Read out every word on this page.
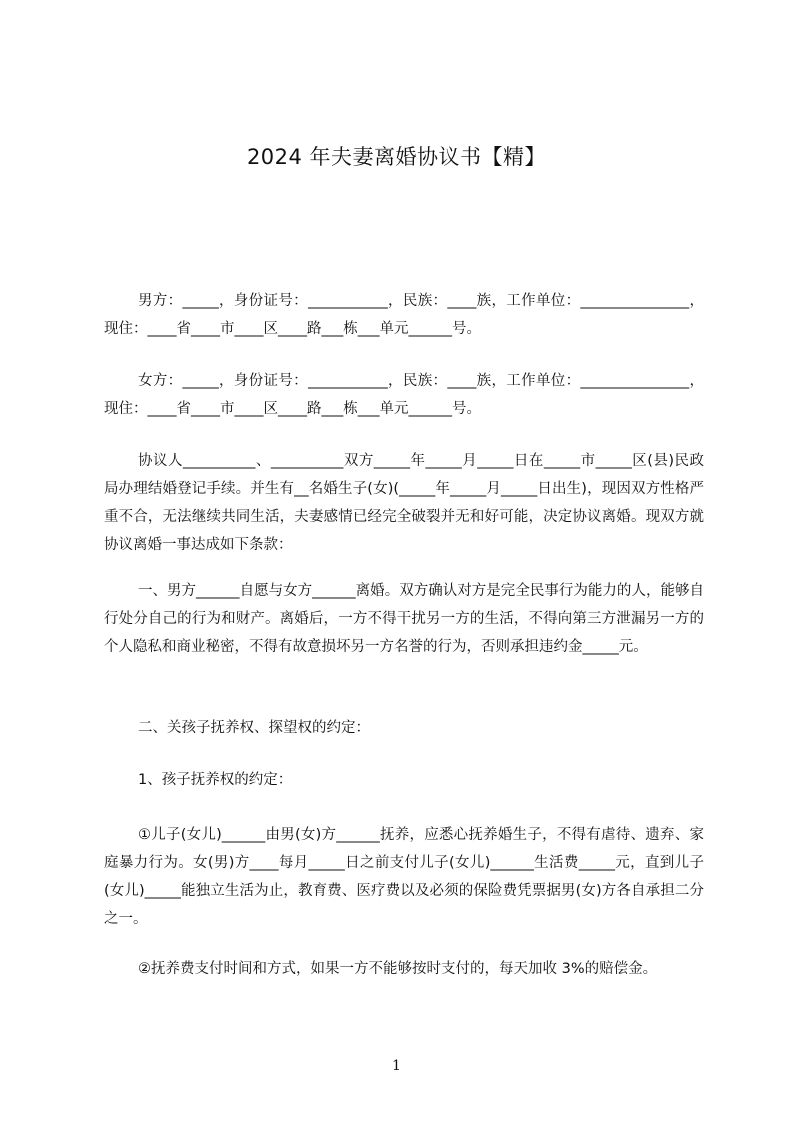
2024 年夫妻离婚协议书【精】

男方：_____，身份证号：___________，民族：____族，工作单位：_______________，现住：____省____市____区____路___栋___单元______号。

女方：_____，身份证号：___________，民族：____族，工作单位：_______________，现住：____省____市____区____路___栋___单元______号。

协议人__________、__________双方_____年_____月_____日在_____市_____区(县)民政局办理结婚登记手续。并生有__名婚生子(女)(_____年_____月_____日出生)，现因双方性格严重不合，无法继续共同生活，夫妻感情已经完全破裂并无和好可能，决定协议离婚。现双方就协议离婚一事达成如下条款：

一、男方______自愿与女方______离婚。双方确认对方是完全民事行为能力的人，能够自行处分自己的行为和财产。离婚后，一方不得干扰另一方的生活，不得向第三方泄漏另一方的个人隐私和商业秘密，不得有故意损坏另一方名誉的行为，否则承担违约金_____元。

二、关孩子抚养权、探望权的约定：

1、孩子抚养权的约定：

①儿子(女儿)______由男(女)方______抚养，应悉心抚养婚生子，不得有虐待、遗弃、家庭暴力行为。女(男)方____每月_____日之前支付儿子(女儿)______生活费_____元，直到儿子(女儿)_____能独立生活为止，教育费、医疗费以及必须的保险费凭票据男(女)方各自承担二分之一。

②抚养费支付时间和方式，如果一方不能够按时支付的，每天加收 3%的赔偿金。

1
